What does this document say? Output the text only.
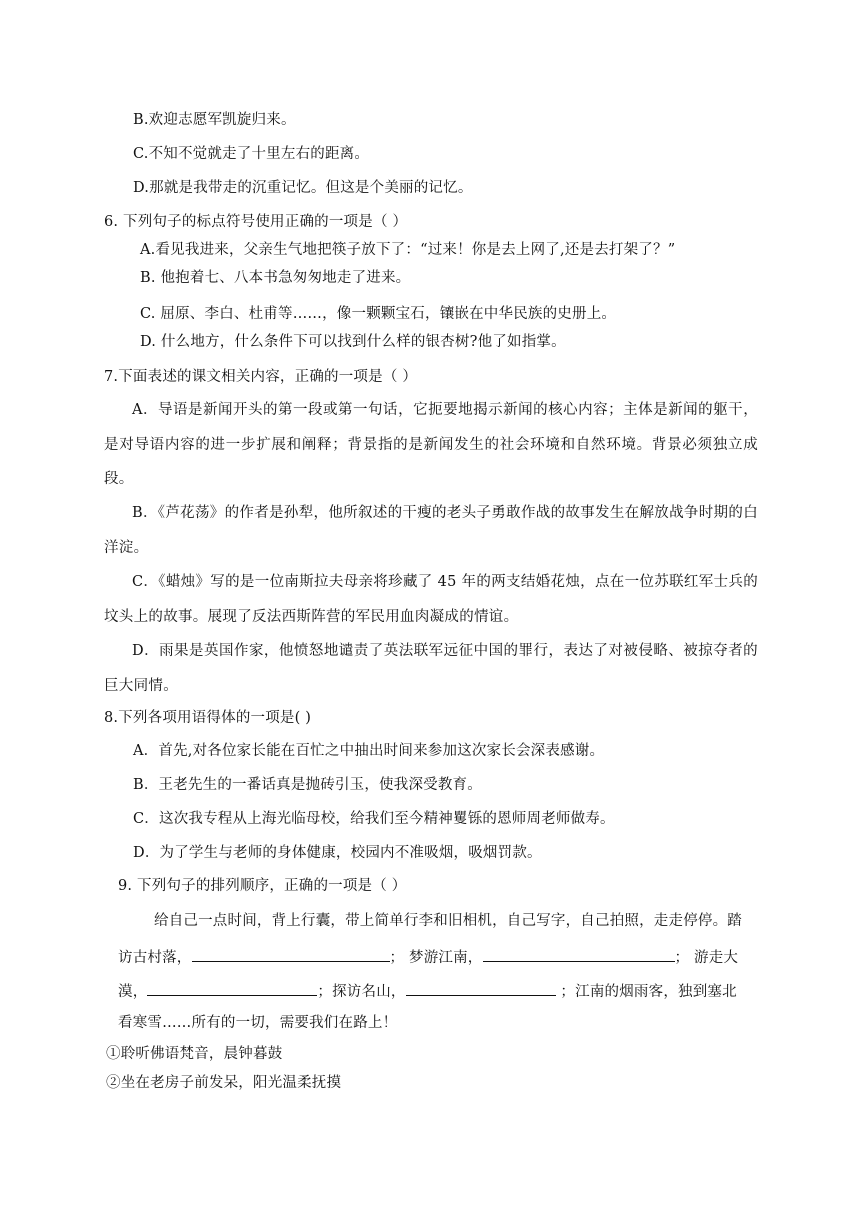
B.欢迎志愿军凯旋归来。
C.不知不觉就走了十里左右的距离。
D.那就是我带走的沉重记忆。但这是个美丽的记忆。
6. 下列句子的标点符号使用正确的一项是（ ）
A.看见我进来，父亲生气地把筷子放下了：“过来！你是去上网了,还是去打架了？”
B. 他抱着七、八本书急匆匆地走了进来。
C. 屈原、李白、杜甫等……，像一颗颗宝石，镶嵌在中华民族的史册上。
D. 什么地方，什么条件下可以找到什么样的银杏树?他了如指掌。
7.下面表述的课文相关内容，正确的一项是（ ）
A．导语是新闻开头的第一段或第一句话，它扼要地揭示新闻的核心内容；主体是新闻的躯干，是对导语内容的进一步扩展和阐释；背景指的是新闻发生的社会环境和自然环境。背景必须独立成段。
B．《芦花荡》的作者是孙犁，他所叙述的干瘦的老头子勇敢作战的故事发生在解放战争时期的白洋淀。
C．《蜡烛》写的是一位南斯拉夫母亲将珍藏了 45 年的两支结婚花烛，点在一位苏联红军士兵的坟头上的故事。展现了反法西斯阵营的军民用血肉凝成的情谊。
D．雨果是英国作家，他愤怒地谴责了英法联军远征中国的罪行，表达了对被侵略、被掠夺者的巨大同情。
8.下列各项用语得体的一项是( )
A．首先,对各位家长能在百忙之中抽出时间来参加这次家长会深表感谢。
B．王老先生的一番话真是抛砖引玉，使我深受教育。
C．这次我专程从上海光临母校，给我们至今精神矍铄的恩师周老师做寿。
D．为了学生与老师的身体健康，校园内不准吸烟，吸烟罚款。
9. 下列句子的排列顺序，正确的一项是（ ）
给自己一点时间，背上行囊，带上简单行李和旧相机，自己写字，自己拍照，走走停停。踏
访古村落，	； 梦游江南，	； 游走大
漠，	；探访名山，	；江南的烟雨客，独到塞北
看寒雪……所有的一切，需要我们在路上！
①聆听佛语梵音，晨钟暮鼓
②坐在老房子前发呆，阳光温柔抚摸
